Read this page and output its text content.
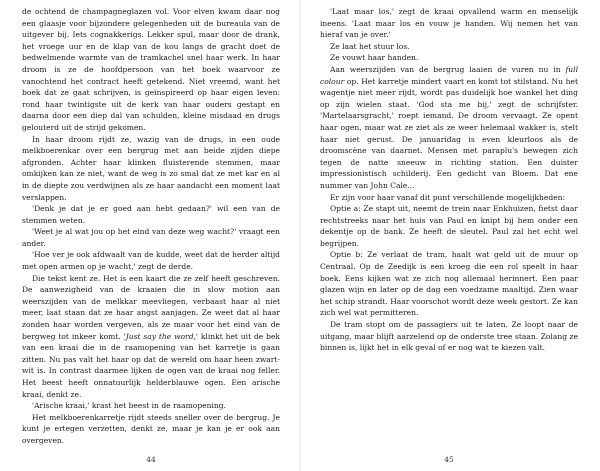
de ochtend de champagneglazen vol. Voor elven kwam daar nog een glaasje voor bijzondere gelegenheden uit de bureaula van de uitgever bij. Iets cognakkerigs. Lekker spul, maar door de drank, het vroege uur en de klap van de kou langs de gracht doet de bedwelmende warmte van de tramkachel snel haar werk. In haar droom is ze de hoofdpersoon van het boek waarvoor ze vanochtend het contract heeft getekend. Niet vreemd, want het boek dat ze gaat schrijven, is geïnspireerd op haar eigen leven: rond haar twintigste uit de kerk van haar ouders gestapt en daarna door een diep dal van schulden, kleine misdaad en drugs gelouterd uit de strijd gekomen.

In haar droom rijdt ze, wazig van de drugs, in een oude melkboerenkar over een bergrug met aan beide zijden diepe afgronden. Achter haar klinken fluisterende stemmen, maar omkijken kan ze niet, want de weg is zo smal dat ze met kar en al in de diepte zou verdwijnen als ze haar aandacht een moment laat verslappen.

'Denk je dat je er goed aan hebt gedaan?' wil een van de stemmen weten.

'Weet je al wat jou op het eind van deze weg wacht?' vraagt een ander.

'Hoe ver je ook afdwaalt van de kudde, weet dat de herder altijd met open armen op je wacht,' zegt de derde.

Die tekst kent ze. Het is een kaart die ze zelf heeft geschreven. De aanwezigheid van de kraaien die in slow motion aan weerszijden van de melkkar meevliegen, verbaast haar al niet meer, laat staan dat ze haar angst aanjagen. Ze weet dat al haar zonden haar worden vergeven, als ze maar voor het eind van de bergweg tot inkeer komt. 'Just say the word,' klinkt het uit de bek van een kraai die in de raamopening van het karretje is gaan zitten. Nu pas valt het haar op dat de wereld om haar heen zwart-wit is. In contrast daarmee lijken de ogen van de kraai nog feller. Het beest heeft onnatuurlijk helderblauwe ogen. Een arische kraai, denkt ze.

'Arische kraai,' krast het beest in de raamopening.

Het melkboerenkarretje rijdt steeds sneller over de bergrug. Je kunt je ertegen verzetten, denkt ze, maar je kan je er ook aan overgeven.

44

'Laat maar los,' zegt de kraai opvallend warm en menselijk ineens. 'Laat maar los en vouw je handen. Wij nemen het van hieraf van je over.'

Ze laat het stuur los.

Ze vouwt haar handen.

Aan weerszijden van de bergrug laaien de vuren nu in full colour op. Het karretje mindert vaart en komt tot stilstand. Nu het wagentje niet meer rijdt, wordt pas duidelijk hoe wankel het ding op zijn wielen staat. 'God sta me bij,' zegt de schrijfster. 'Martelaarsgracht,' roept iemand. De droom vervaagt. Ze opent haar ogen, maar wat ze ziet als ze weer helemaal wakker is, stelt haar niet gerust. De januaridag is even kleurloos als de droomscène van daarnet. Mensen met paraplu's bewegen zich tegen de natte sneeuw in richting station. Een duister impressionistisch schilderij. Een gedicht van Bloem. Dat ene nummer van John Cale...

Er zijn voor haar vanaf dit punt verschillende mogelijkheden:

Optie a: Ze stapt uit, neemt de trein naar Enkhuizen, fietst daar rechtstreeks naar het huis van Paul en knipt bij hem onder een dekentje op de bank. Ze heeft de sleutel. Paul zal het echt wel begrijpen.

Optie b: Ze verlaat de tram, haalt wat geld uit de muur op Centraal. Op de Zeedijk is een kroeg die een rol speelt in haar boek. Eens kijken wat ze zich nog allemaal herinnert. Een paar glazen wijn en later op de dag een voedzame maaltijd. Zien waar het schip strandt. Haar voorschot wordt deze week gestort. Ze kan zich wel wat permitteren.

De tram stopt om de passagiers uit te laten. Ze loopt naar de uitgang, maar blijft aarzelend op de onderste tree staan. Zolang ze binnen is, lijkt het in elk geval of er nog wat te kiezen valt.

45
